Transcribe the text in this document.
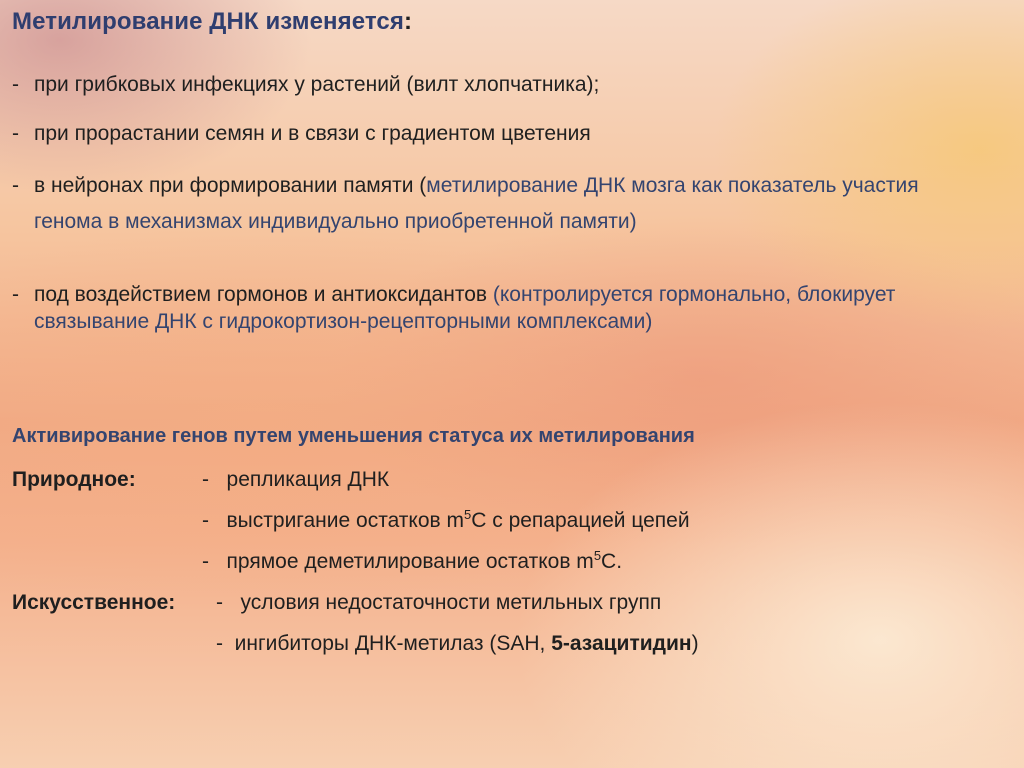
Метилирование ДНК изменяется:
- при грибковых инфекциях у растений (вилт хлопчатника);
- при прорастании семян и в связи с градиентом цветения
- в нейронах при формировании памяти (метилирование ДНК мозга как показатель участия генома в механизмах индивидуально приобретенной памяти)
- под воздействием гормонов и антиоксидантов (контролируется гормонально, блокирует связывание ДНК с гидрокортизон-рецепторными комплексами)
Активирование генов путем уменьшения статуса их метилирования
Природное:	- репликация ДНК
- выстригание остатков $m^5С$ с репарацией цепей
- прямое деметилирование остатков $m^5С$.
Искусственное: - условия недостаточности метильных групп
- ингибиторы ДНК-метилаз (SAH, 5-азацитидин)
